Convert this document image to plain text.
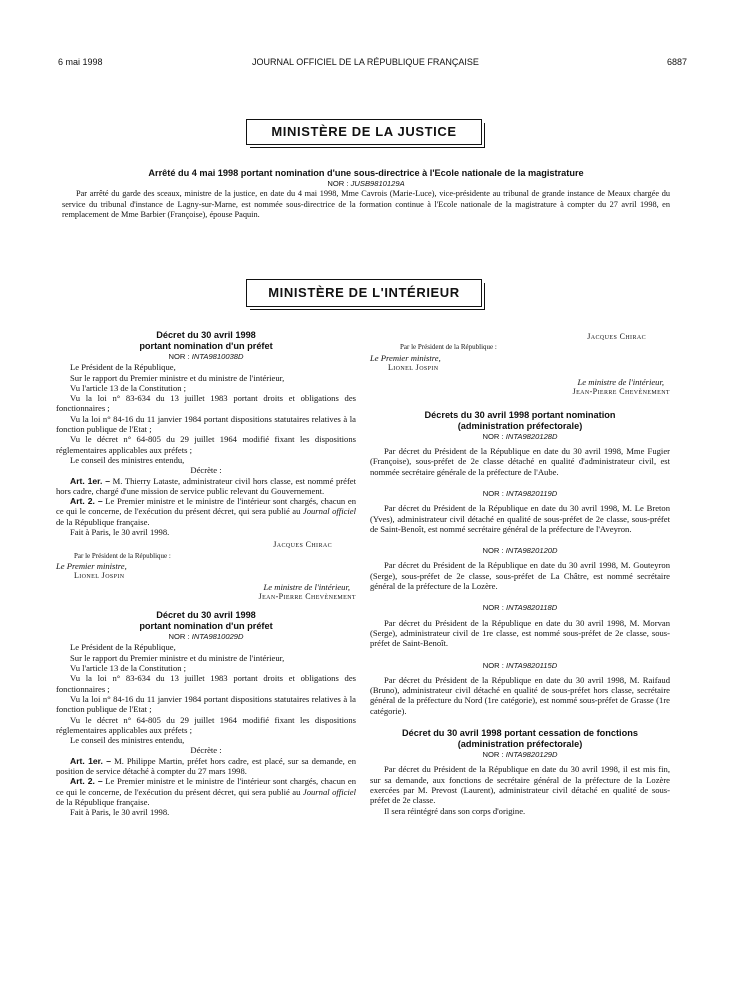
6 mai 1998	JOURNAL OFFICIEL DE LA RÉPUBLIQUE FRANÇAISE	6887
MINISTÈRE DE LA JUSTICE

Arrêté du 4 mai 1998 portant nomination d'une sous-directrice à l'Ecole nationale de la magistrature

NOR : JUSB9810129A

Par arrêté du garde des sceaux, ministre de la justice, en date du 4 mai 1998, Mme Cavrois (Marie-Luce), vice-présidente au tribunal de grande instance de Meaux chargée du service du tribunal d'instance de Lagny-sur-Marne, est nommée sous-directrice de la formation continue à l'Ecole nationale de la magistrature à compter du 27 avril 1998, en remplacement de Mme Barbier (Françoise), épouse Paquin.

MINISTÈRE DE L'INTÉRIEUR

Décret du 30 avril 1998
portant nomination d'un préfet

NOR : INTA9810038D

Le Président de la République,

Sur le rapport du Premier ministre et du ministre de l'intérieur,

Vu l'article 13 de la Constitution ;

Vu la loi n° 83-634 du 13 juillet 1983 portant droits et obligations des fonctionnaires ;

Vu la loi n° 84-16 du 11 janvier 1984 portant dispositions statutaires relatives à la fonction publique de l'Etat ;

Vu le décret n° 64-805 du 29 juillet 1964 modifié fixant les dispositions réglementaires applicables aux préfets ;

Le conseil des ministres entendu,

Décrète :

Art. 1er. – M. Thierry Lataste, administrateur civil hors classe, est nommé préfet hors cadre, chargé d'une mission de service public relevant du Gouvernement.

Art. 2. – Le Premier ministre et le ministre de l'intérieur sont chargés, chacun en ce qui le concerne, de l'exécution du présent décret, qui sera publié au Journal officiel de la République française.

Fait à Paris, le 30 avril 1998.

Jacques Chirac

Par le Président de la République :

Le Premier ministre,

Lionel Jospin

Le ministre de l'intérieur,

Jean-Pierre Chevènement

Décret du 30 avril 1998
portant nomination d'un préfet

NOR : INTA9810029D

Le Président de la République,

Sur le rapport du Premier ministre et du ministre de l'intérieur,

Vu l'article 13 de la Constitution ;

Vu la loi n° 83-634 du 13 juillet 1983 portant droits et obligations des fonctionnaires ;

Vu la loi n° 84-16 du 11 janvier 1984 portant dispositions statutaires relatives à la fonction publique de l'Etat ;

Vu le décret n° 64-805 du 29 juillet 1964 modifié fixant les dispositions réglementaires applicables aux préfets ;

Le conseil des ministres entendu,

Décrète :

Art. 1er. – M. Philippe Martin, préfet hors cadre, est placé, sur sa demande, en position de service détaché à compter du 27 mars 1998.

Art. 2. – Le Premier ministre et le ministre de l'intérieur sont chargés, chacun en ce qui le concerne, de l'exécution du présent décret, qui sera publié au Journal officiel de la République française.

Fait à Paris, le 30 avril 1998.

Jacques Chirac

Par le Président de la République :

Le Premier ministre,

Lionel Jospin

Le ministre de l'intérieur,

Jean-Pierre Chevènement

Décrets du 30 avril 1998 portant nomination
(administration préfectorale)

NOR : INTA9820128D

Par décret du Président de la République en date du 30 avril 1998, Mme Fugier (Françoise), sous-préfet de 2e classe détaché en qualité d'administrateur civil, est nommée secrétaire générale de la préfecture de l'Aube.

NOR : INTA9820119D

Par décret du Président de la République en date du 30 avril 1998, M. Le Breton (Yves), administrateur civil détaché en qualité de sous-préfet de 2e classe, sous-préfet de Saint-Benoît, est nommé secrétaire général de la préfecture de l'Aveyron.

NOR : INTA9820120D

Par décret du Président de la République en date du 30 avril 1998, M. Gouteyron (Serge), sous-préfet de 2e classe, sous-préfet de La Châtre, est nommé secrétaire général de la préfecture de la Lozère.

NOR : INTA9820118D

Par décret du Président de la République en date du 30 avril 1998, M. Morvan (Serge), administrateur civil de 1re classe, est nommé sous-préfet de 2e classe, sous-préfet de Saint-Benoît.

NOR : INTA9820115D

Par décret du Président de la République en date du 30 avril 1998, M. Raifaud (Bruno), administrateur civil détaché en qualité de sous-préfet hors classe, secrétaire général de la préfecture du Nord (1re catégorie), est nommé sous-préfet de Grasse (1re catégorie).

Décret du 30 avril 1998 portant cessation de fonctions
(administration préfectorale)

NOR : INTA9820129D

Par décret du Président de la République en date du 30 avril 1998, il est mis fin, sur sa demande, aux fonctions de secrétaire général de la préfecture de la Lozère exercées par M. Prevost (Laurent), administrateur civil détaché en qualité de sous-préfet de 2e classe.

Il sera réintégré dans son corps d'origine.
